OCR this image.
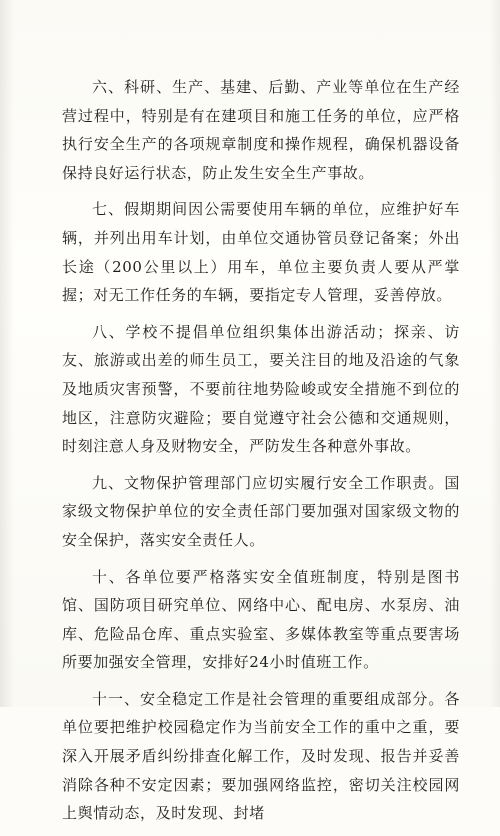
六、科研、生产、基建、后勤、产业等单位在生产经营过程中，特别是有在建项目和施工任务的单位，应严格执行安全生产的各项规章制度和操作规程，确保机器设备保持良好运行状态，防止发生安全生产事故。

七、假期期间因公需要使用车辆的单位，应维护好车辆，并列出用车计划，由单位交通协管员登记备案；外出长途（200公里以上）用车，单位主要负责人要从严掌握；对无工作任务的车辆，要指定专人管理，妥善停放。

八、学校不提倡单位组织集体出游活动；探亲、访友、旅游或出差的师生员工，要关注目的地及沿途的气象及地质灾害预警，不要前往地势险峻或安全措施不到位的地区，注意防灾避险；要自觉遵守社会公德和交通规则，时刻注意人身及财物安全，严防发生各种意外事故。

九、文物保护管理部门应切实履行安全工作职责。国家级文物保护单位的安全责任部门要加强对国家级文物的安全保护，落实安全责任人。

十、各单位要严格落实安全值班制度，特别是图书馆、国防项目研究单位、网络中心、配电房、水泵房、油库、危险品仓库、重点实验室、多媒体教室等重点要害场所要加强安全管理，安排好24小时值班工作。

十一、安全稳定工作是社会管理的重要组成部分。各单位要把维护校园稳定作为当前安全工作的重中之重，要深入开展矛盾纠纷排查化解工作，及时发现、报告并妥善消除各种不安定因素；要加强网络监控，密切关注校园网上舆情动态，及时发现、封堵
